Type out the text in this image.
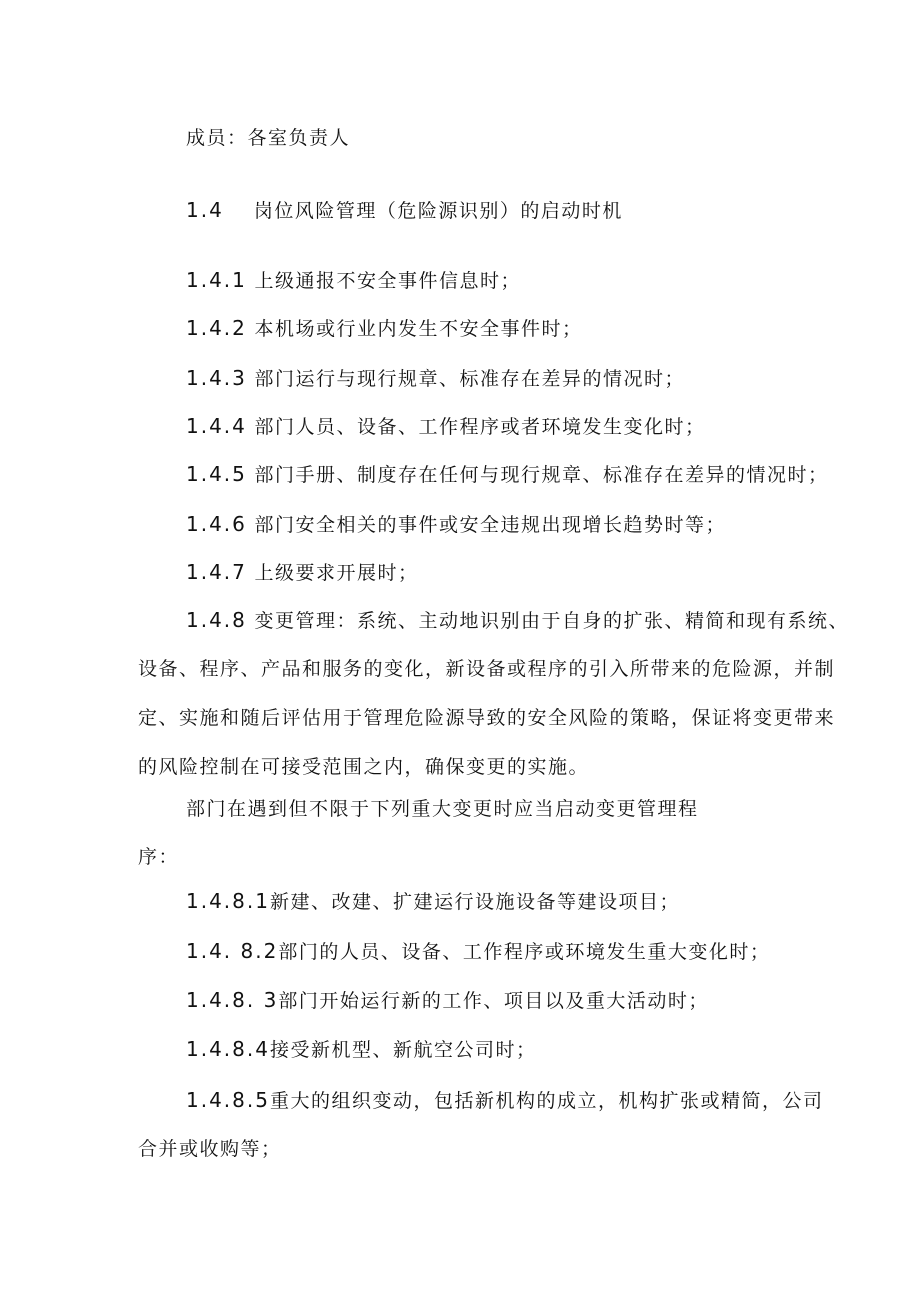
成员：各室负责人

1.4 岗位风险管理（危险源识别）的启动时机

1.4.1 上级通报不安全事件信息时；

1.4.2 本机场或行业内发生不安全事件时；

1.4.3 部门运行与现行规章、标准存在差异的情况时；

1.4.4 部门人员、设备、工作程序或者环境发生变化时；

1.4.5 部门手册、制度存在任何与现行规章、标准存在差异的情况时；

1.4.6 部门安全相关的事件或安全违规出现增长趋势时等；

1.4.7 上级要求开展时；

1.4.8 变更管理：系统、主动地识别由于自身的扩张、精简和现有系统、

设备、程序、产品和服务的变化，新设备或程序的引入所带来的危险源，并制

定、实施和随后评估用于管理危险源导致的安全风险的策略，保证将变更带来

的风险控制在可接受范围之内，确保变更的实施。

部门在遇到但不限于下列重大变更时应当启动变更管理程

序：

1.4.8.1新建、改建、扩建运行设施设备等建设项目；

1.4. 8.2部门的人员、设备、工作程序或环境发生重大变化时；

1.4.8. 3部门开始运行新的工作、项目以及重大活动时；

1.4.8.4接受新机型、新航空公司时；

1.4.8.5重大的组织变动，包括新机构的成立，机构扩张或精简，公司

合并或收购等；
